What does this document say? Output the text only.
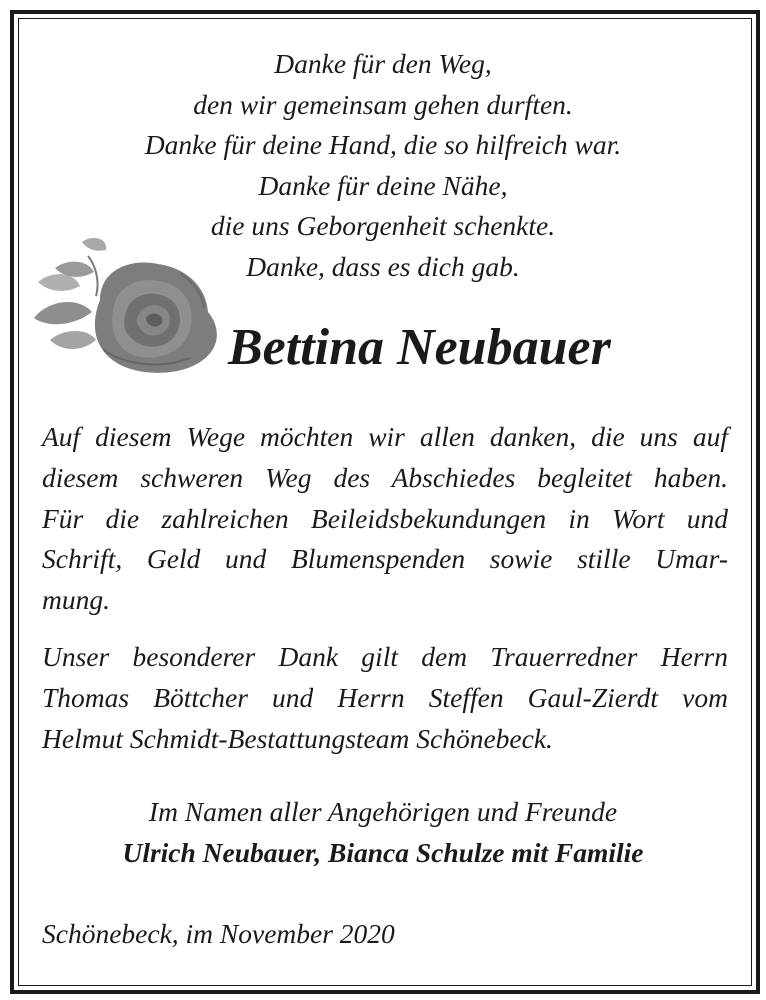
Danke für den Weg,
den wir gemeinsam gehen durften.
Danke für deine Hand, die so hilfreich war.
Danke für deine Nähe,
die uns Geborgenheit schenkte.
Danke, dass es dich gab.
Bettina Neubauer
Auf diesem Wege möchten wir allen danken, die uns auf
diesem schweren Weg des Abschiedes begleitet haben.
Für die zahlreichen Beileidsbekundungen in Wort und
Schrift, Geld und Blumenspenden sowie stille Umar-
mung.
Unser besonderer Dank gilt dem Trauerredner Herrn
Thomas Böttcher und Herrn Steffen Gaul-Zierdt vom
Helmut Schmidt-Bestattungsteam Schönebeck.
Im Namen aller Angehörigen und Freunde
Ulrich Neubauer, Bianca Schulze mit Familie
Schönebeck, im November 2020
